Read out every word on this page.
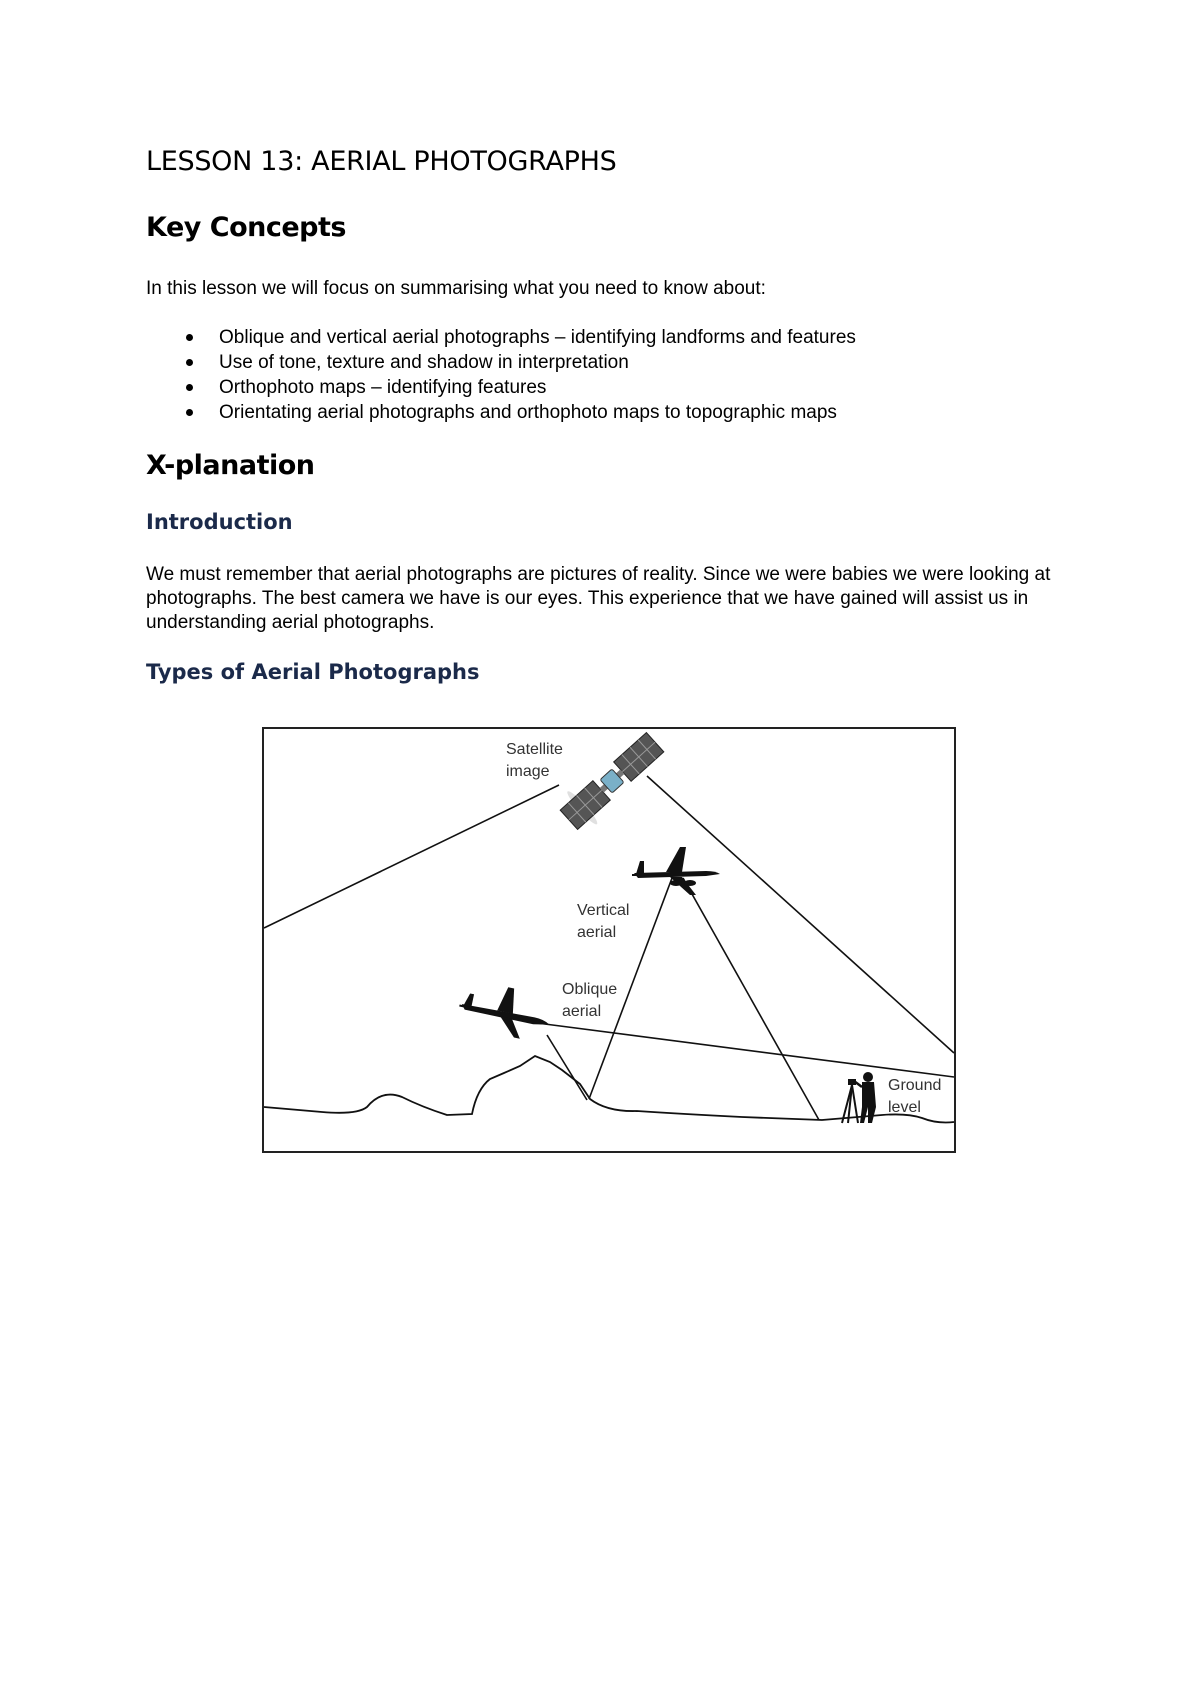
LESSON 13: AERIAL PHOTOGRAPHS
Key Concepts

In this lesson we will focus on summarising what you need to know about:

Oblique and vertical aerial photographs – identifying landforms and features
Use of tone, texture and shadow in interpretation
Orthophoto maps – identifying features
Orientating aerial photographs and orthophoto maps to topographic maps
X-planation
Introduction

We must remember that aerial photographs are pictures of reality. Since we were babies we were looking at photographs. The best camera we have is our eyes. This experience that we have gained will assist us in understanding aerial photographs.

Types of Aerial Photographs
Satellite
image
Vertical
aerial
Oblique
aerial
Ground
level
